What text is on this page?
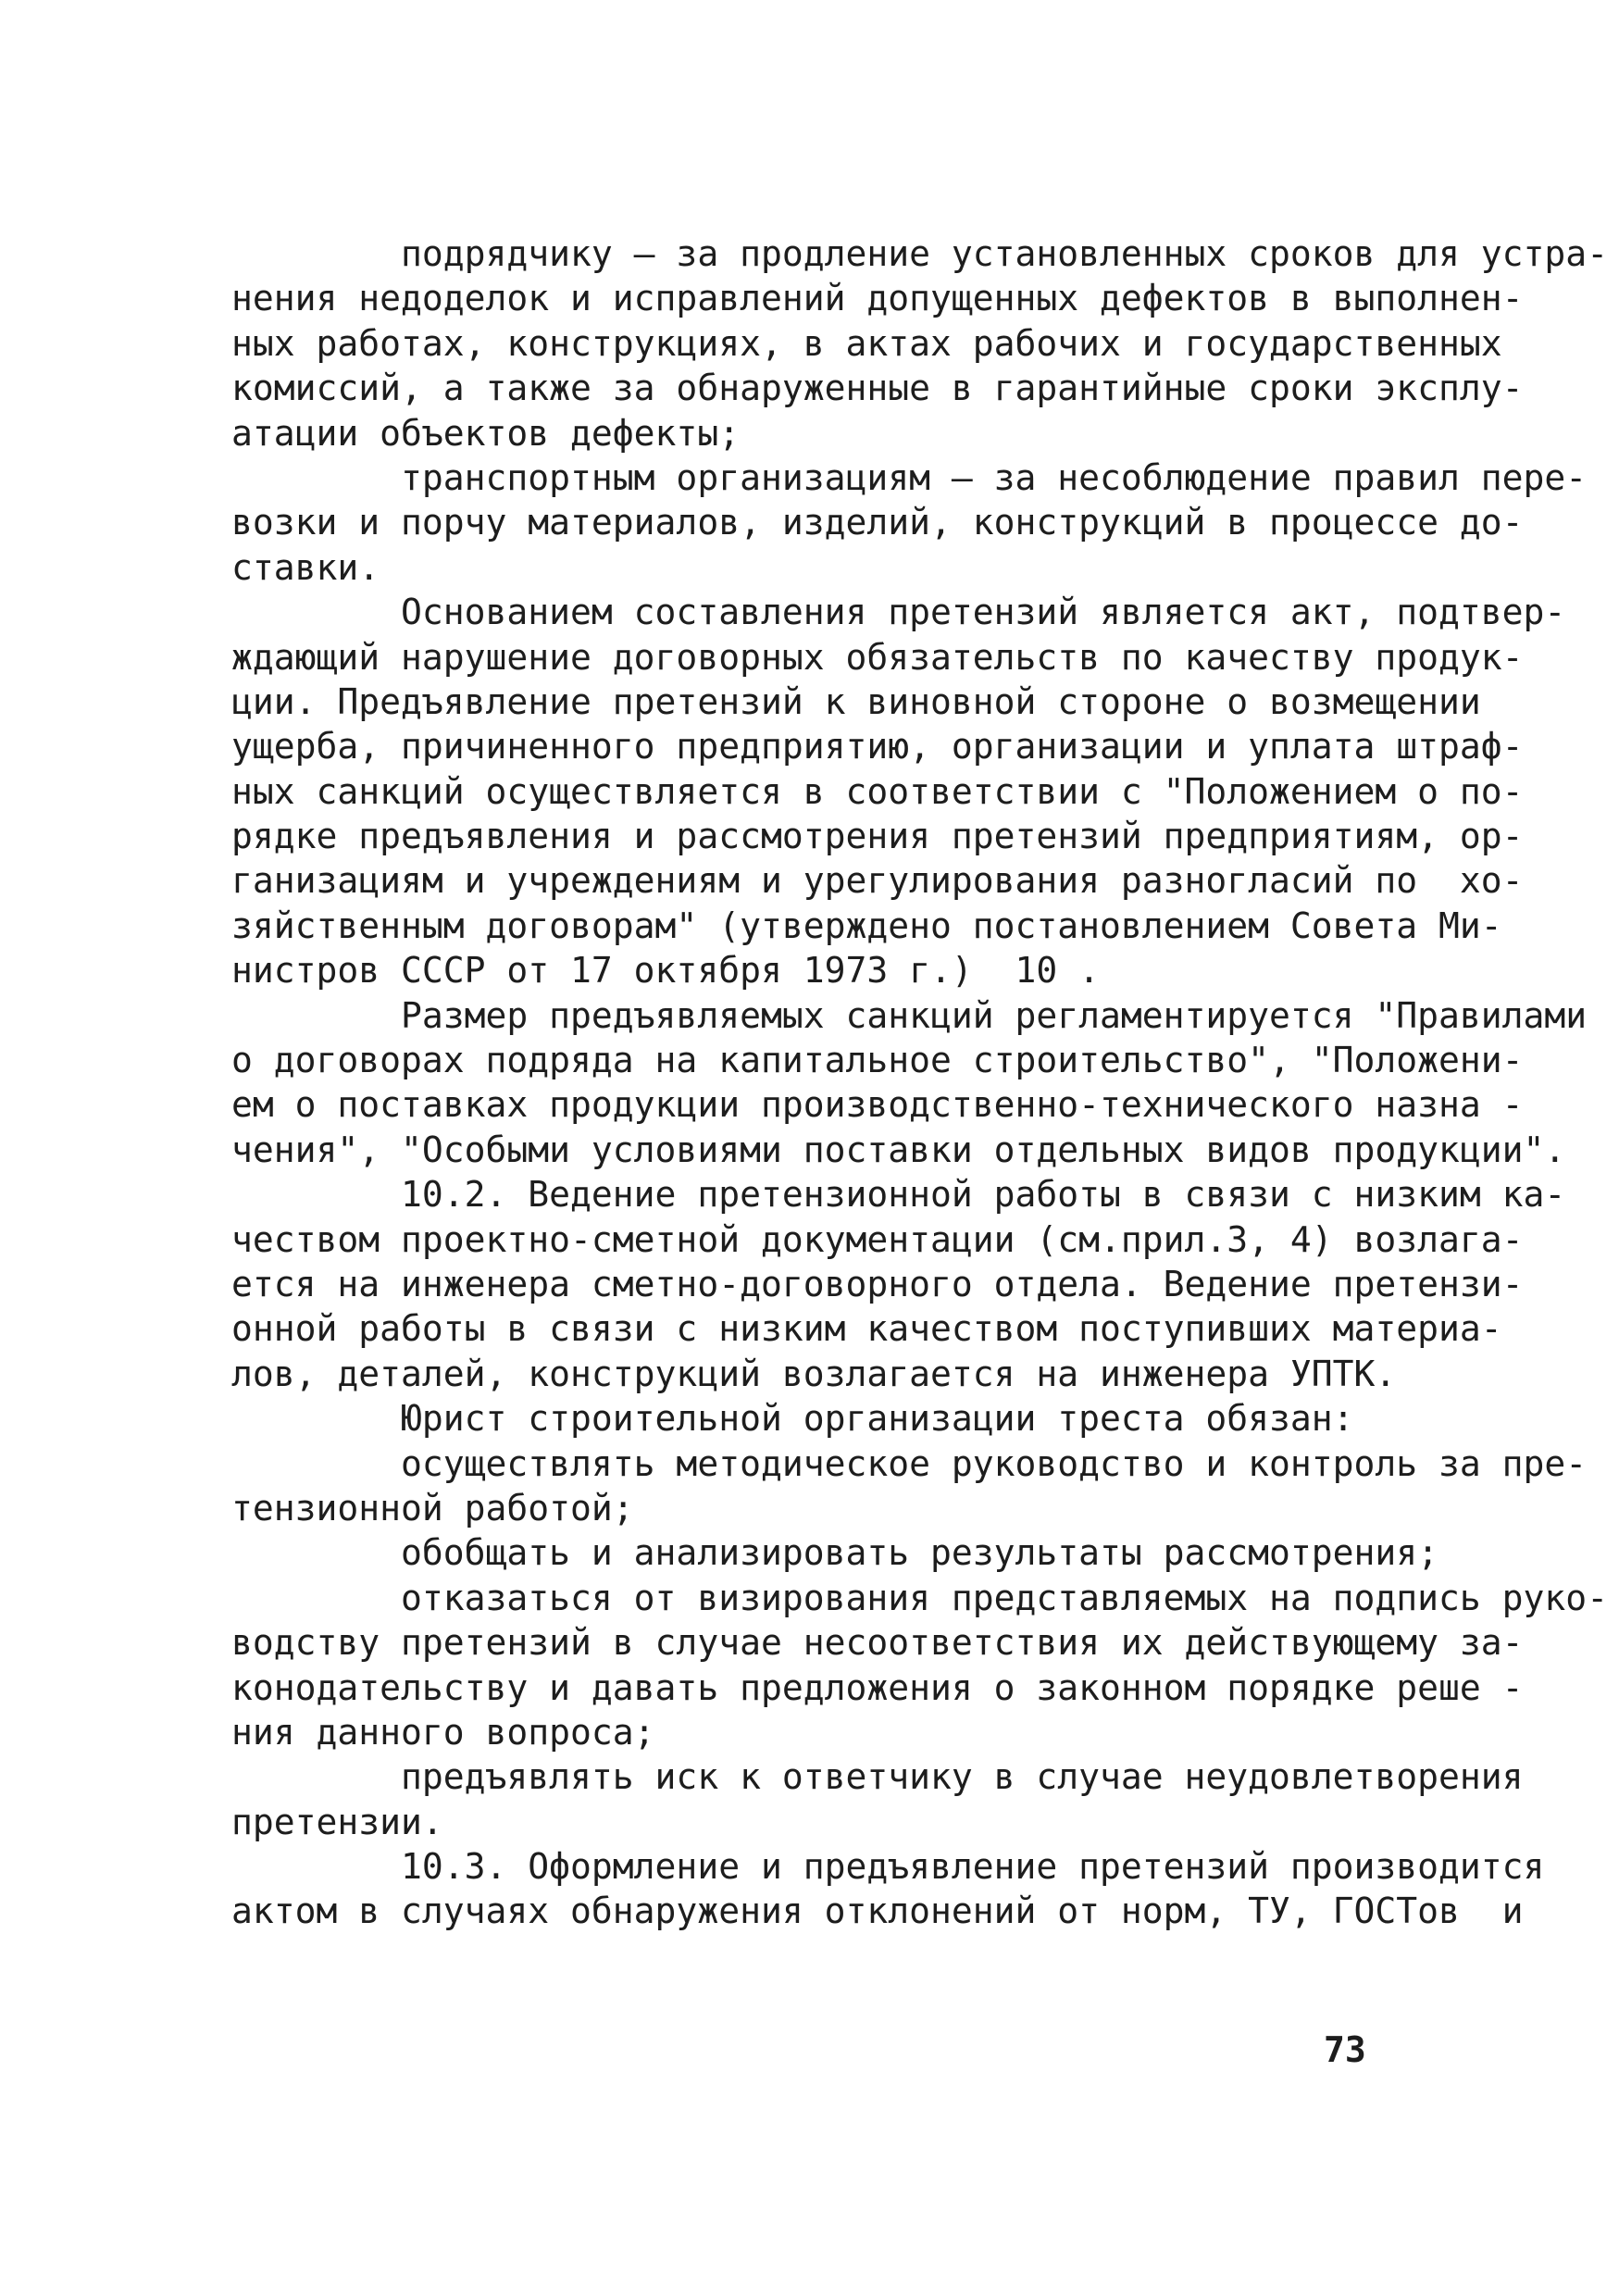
подрядчику – за продление установленных сроков для устра-
нения недоделок и исправлений допущенных дефектов в выполнен-
ных работах, конструкциях, в актах рабочих и государственных
комиссий, а также за обнаруженные в гарантийные сроки эксплу-
атации объектов дефекты;
транспортным организациям – за несоблюдение правил пере-
возки и порчу материалов, изделий, конструкций в процессе до-
ставки.
Основанием составления претензий является акт, подтвер-
ждающий нарушение договорных обязательств по качеству продук-
ции. Предъявление претензий к виновной стороне о возмещении
ущерба, причиненного предприятию, организации и уплата штраф-
ных санкций осуществляется в соответствии с "Положением о по-
рядке предъявления и рассмотрения претензий предприятиям, ор-
ганизациям и учреждениям и урегулирования разногласий по  хо-
зяйственным договорам" (утверждено постановлением Совета Ми-
нистров СССР от 17 октября 1973 г.)  10 .
Размер предъявляемых санкций регламентируется "Правилами
о договорах подряда на капитальное строительство", "Положени-
ем о поставках продукции производственно-технического назна -
чения", "Особыми условиями поставки отдельных видов продукции".
10.2. Ведение претензионной работы в связи с низким ка-
чеством проектно-сметной документации (см.прил.3, 4) возлага-
ется на инженера сметно-договорного отдела. Ведение претензи-
онной работы в связи с низким качеством поступивших материа-
лов, деталей, конструкций возлагается на инженера УПТК.
Юрист строительной организации треста обязан:
осуществлять методическое руководство и контроль за пре-
тензионной работой;
обобщать и анализировать результаты рассмотрения;
отказаться от визирования представляемых на подпись руко-
водству претензий в случае несоответствия их действующему за-
конодательству и давать предложения о законном порядке реше -
ния данного вопроса;
предъявлять иск к ответчику в случае неудовлетворения
претензии.
10.3. Оформление и предъявление претензий производится
актом в случаях обнаружения отклонений от норм, ТУ, ГОСТов  и
73
